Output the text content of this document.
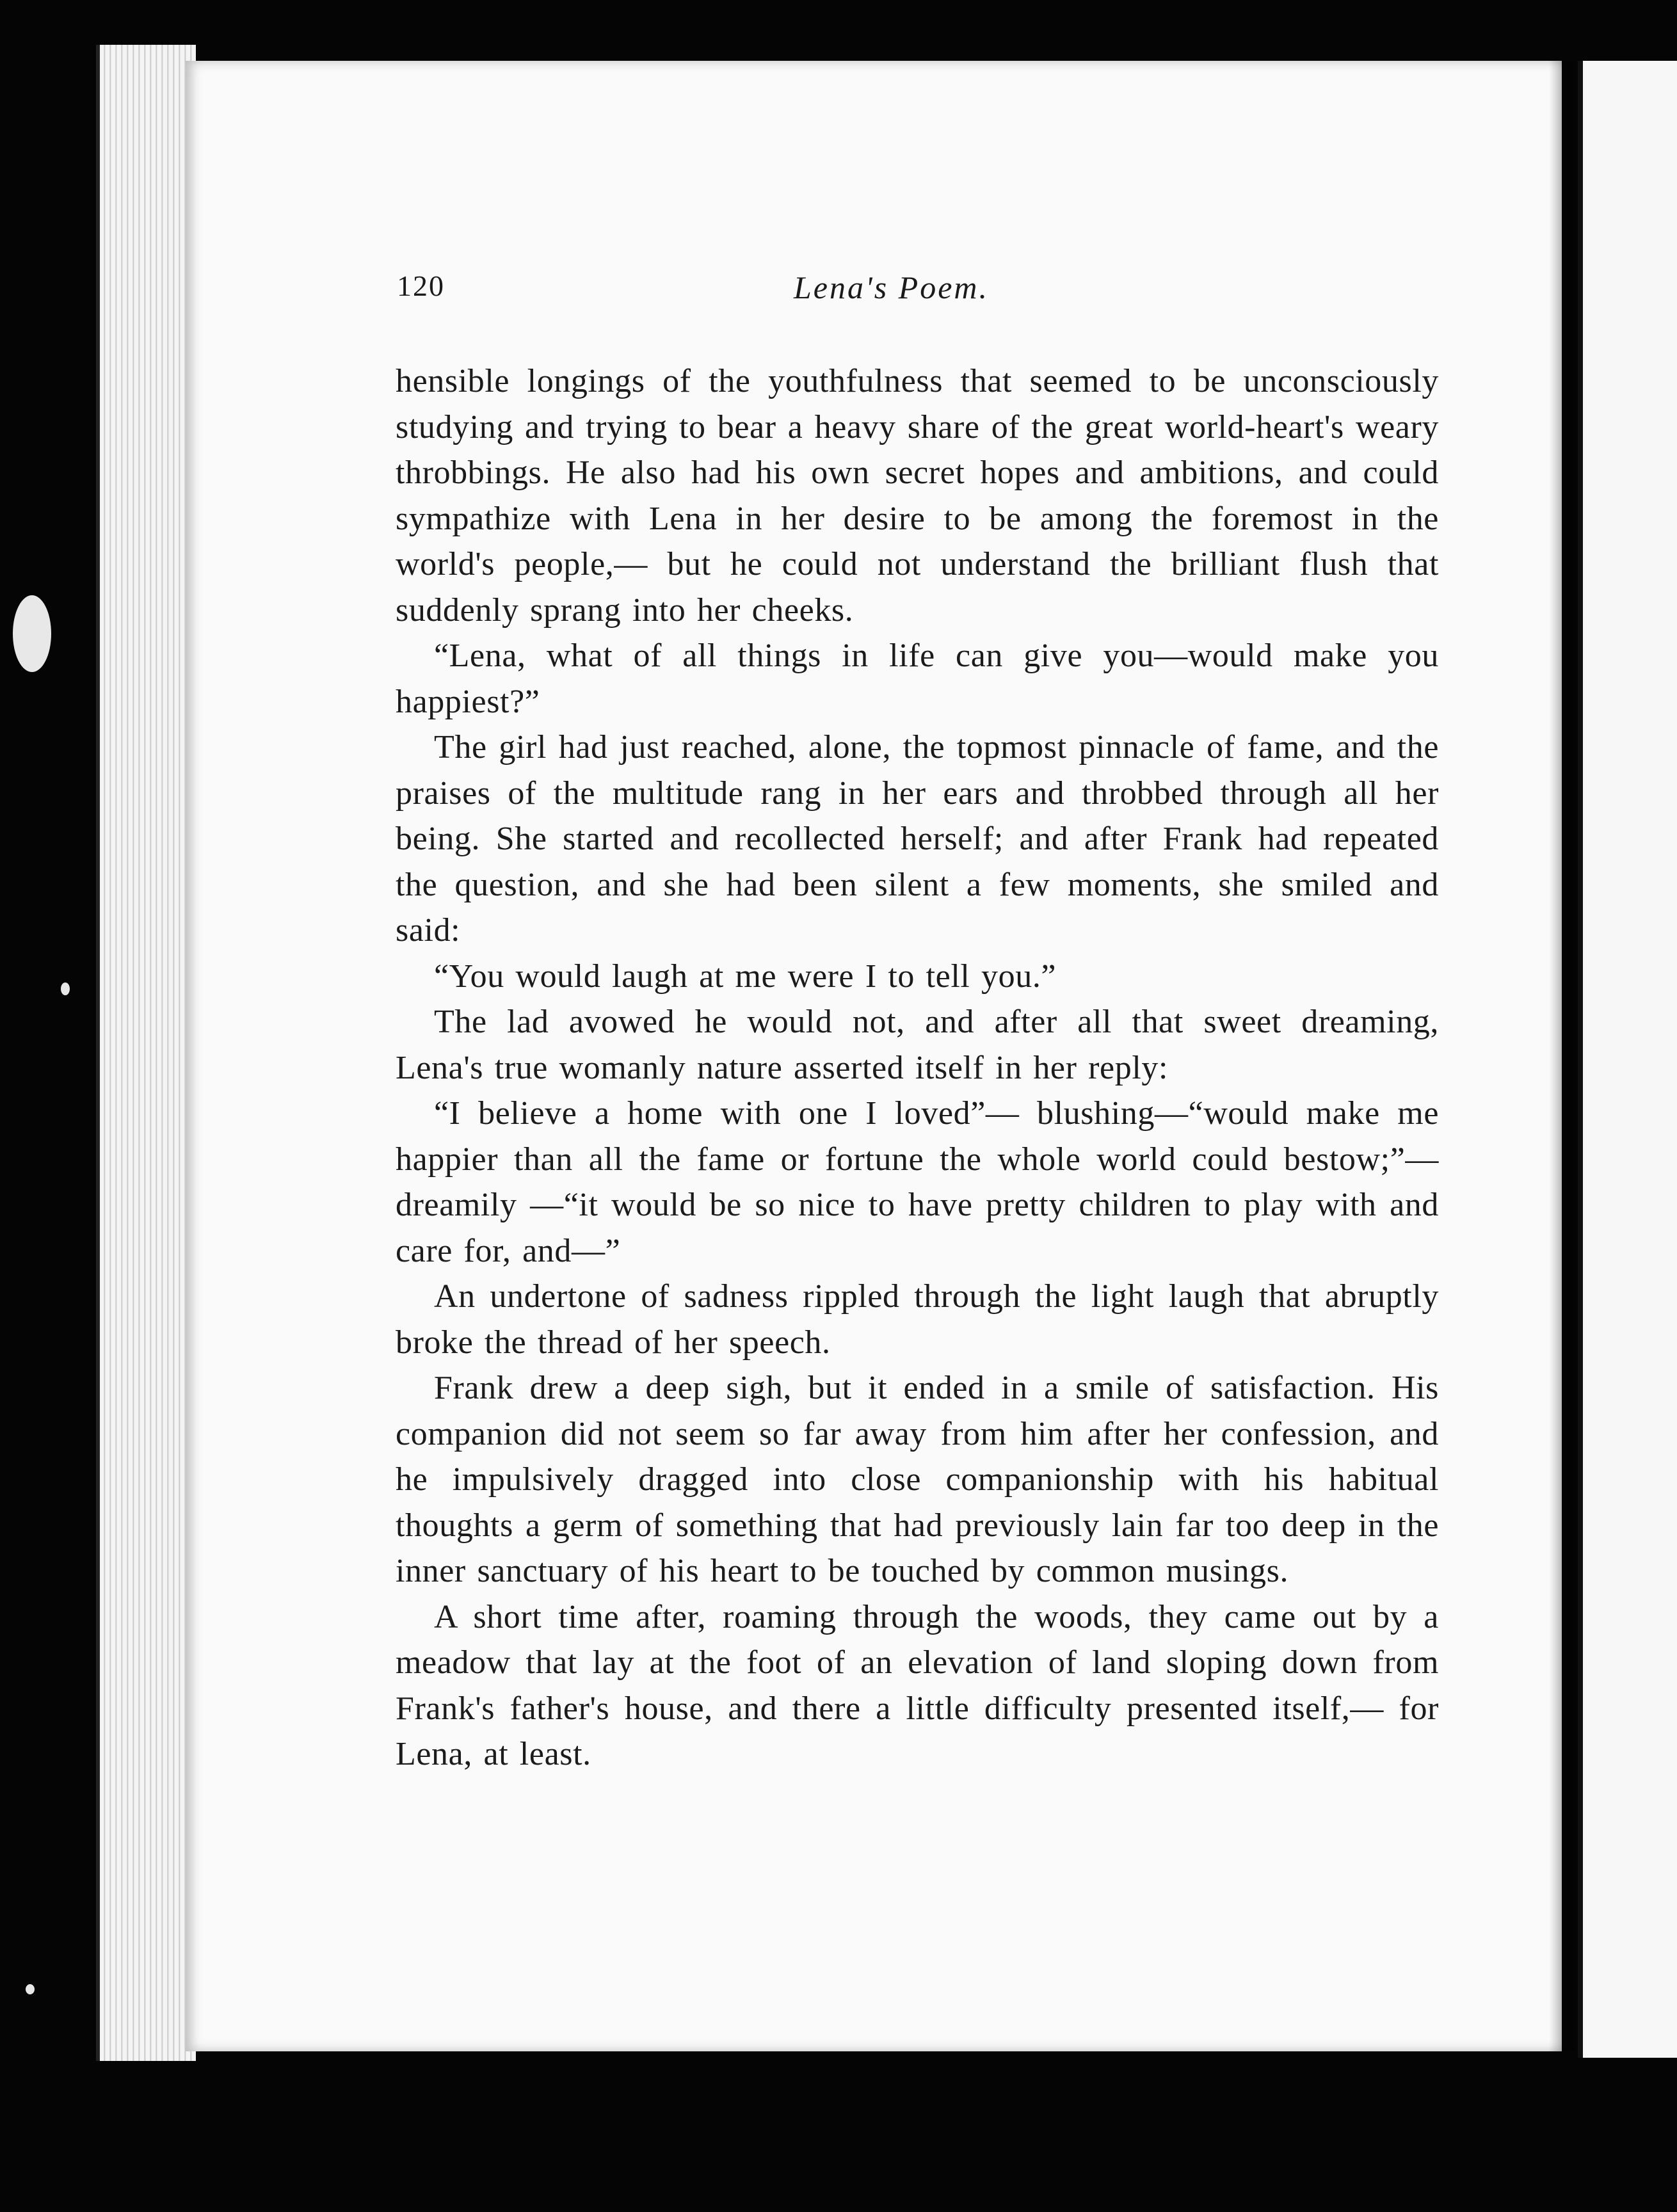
120	Lena's Poem.

hensible longings of the youthfulness that seemed to be unconsciously studying and trying to bear a heavy share of the great world-heart's weary throbbings. He also had his own secret hopes and ambitions, and could sympathize with Lena in her desire to be among the foremost in the world's people,— but he could not understand the brilliant flush that suddenly sprang into her cheeks.

“Lena, what of all things in life can give you—would make you happiest?”

The girl had just reached, alone, the topmost pinnacle of fame, and the praises of the multitude rang in her ears and throbbed through all her being. She started and recollected herself; and after Frank had repeated the question, and she had been silent a few moments, she smiled and said:

“You would laugh at me were I to tell you.”

The lad avowed he would not, and after all that sweet dreaming, Lena's true womanly nature asserted itself in her reply:

“I believe a home with one I loved”— blushing—“would make me happier than all the fame or fortune the whole world could bestow;”— dreamily —“it would be so nice to have pretty children to play with and care for, and—”

An undertone of sadness rippled through the light laugh that abruptly broke the thread of her speech.

Frank drew a deep sigh, but it ended in a smile of satisfaction. His companion did not seem so far away from him after her confession, and he impulsively dragged into close companionship with his habitual thoughts a germ of something that had previously lain far too deep in the inner sanctuary of his heart to be touched by common musings.

A short time after, roaming through the woods, they came out by a meadow that lay at the foot of an elevation of land sloping down from Frank's father's house, and there a little difficulty presented itself,— for Lena, at least.
